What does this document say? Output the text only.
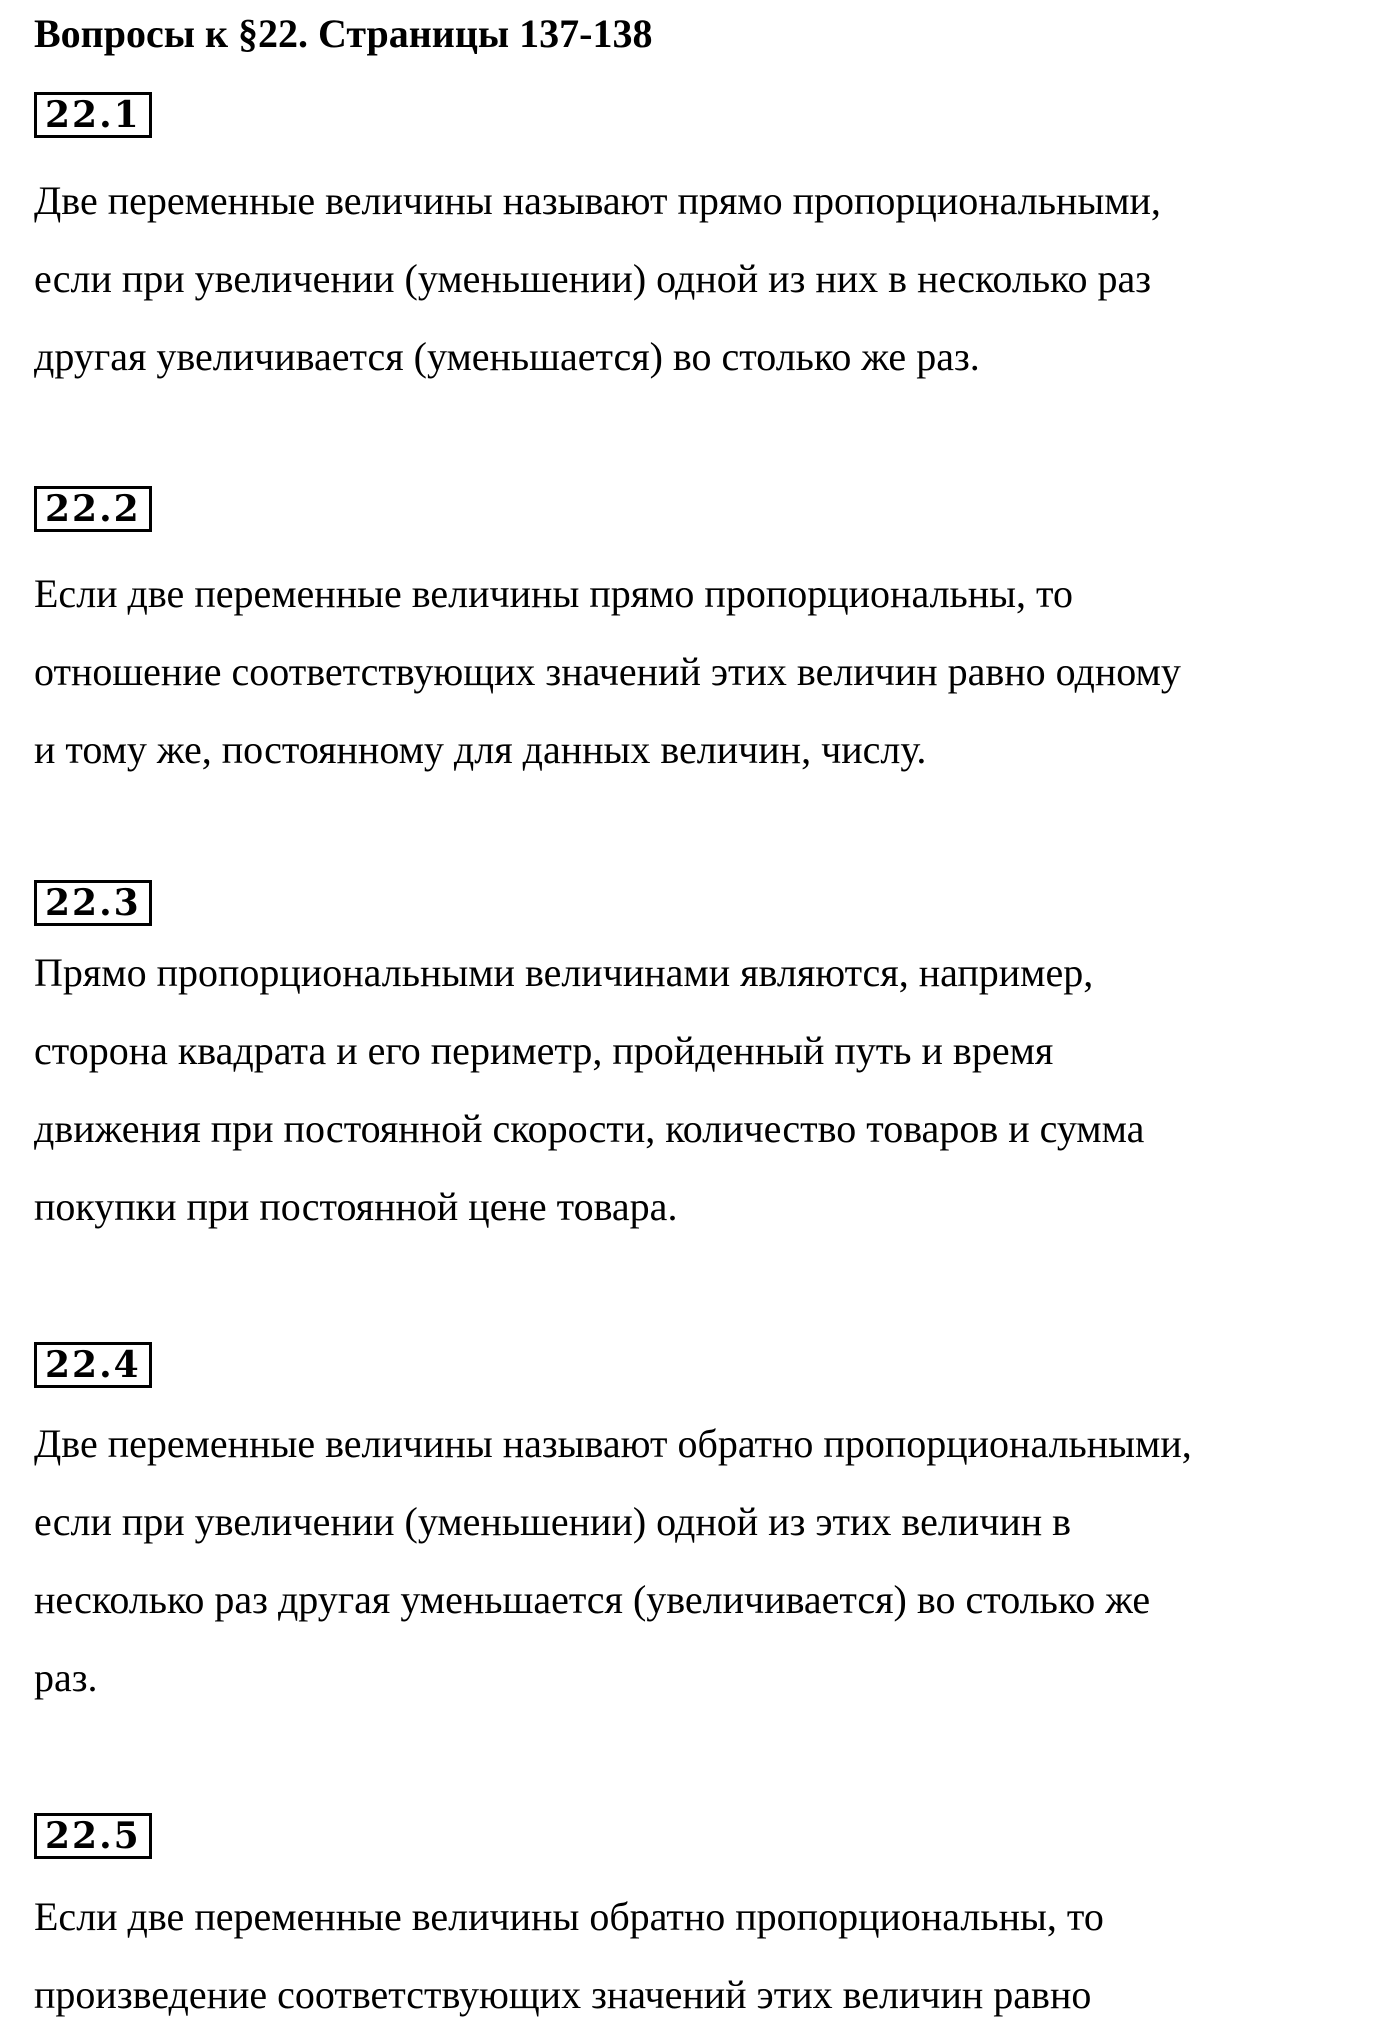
Вопросы к §22. Страницы 137-138
22.1
Две переменные величины называют прямо пропорциональными,
если при увеличении (уменьшении) одной из них в несколько раз
другая увеличивается (уменьшается) во столько же раз.
22.2
Если две переменные величины прямо пропорциональны, то
отношение соответствующих значений этих величин равно одному
и тому же, постоянному для данных величин, числу.
22.3
Прямо пропорциональными величинами являются, например,
сторона квадрата и его периметр, пройденный путь и время
движения при постоянной скорости, количество товаров и сумма
покупки при постоянной цене товара.
22.4
Две переменные величины называют обратно пропорциональными,
если при увеличении (уменьшении) одной из этих величин в
несколько раз другая уменьшается (увеличивается) во столько же
раз.
22.5
Если две переменные величины обратно пропорциональны, то
произведение соответствующих значений этих величин равно
